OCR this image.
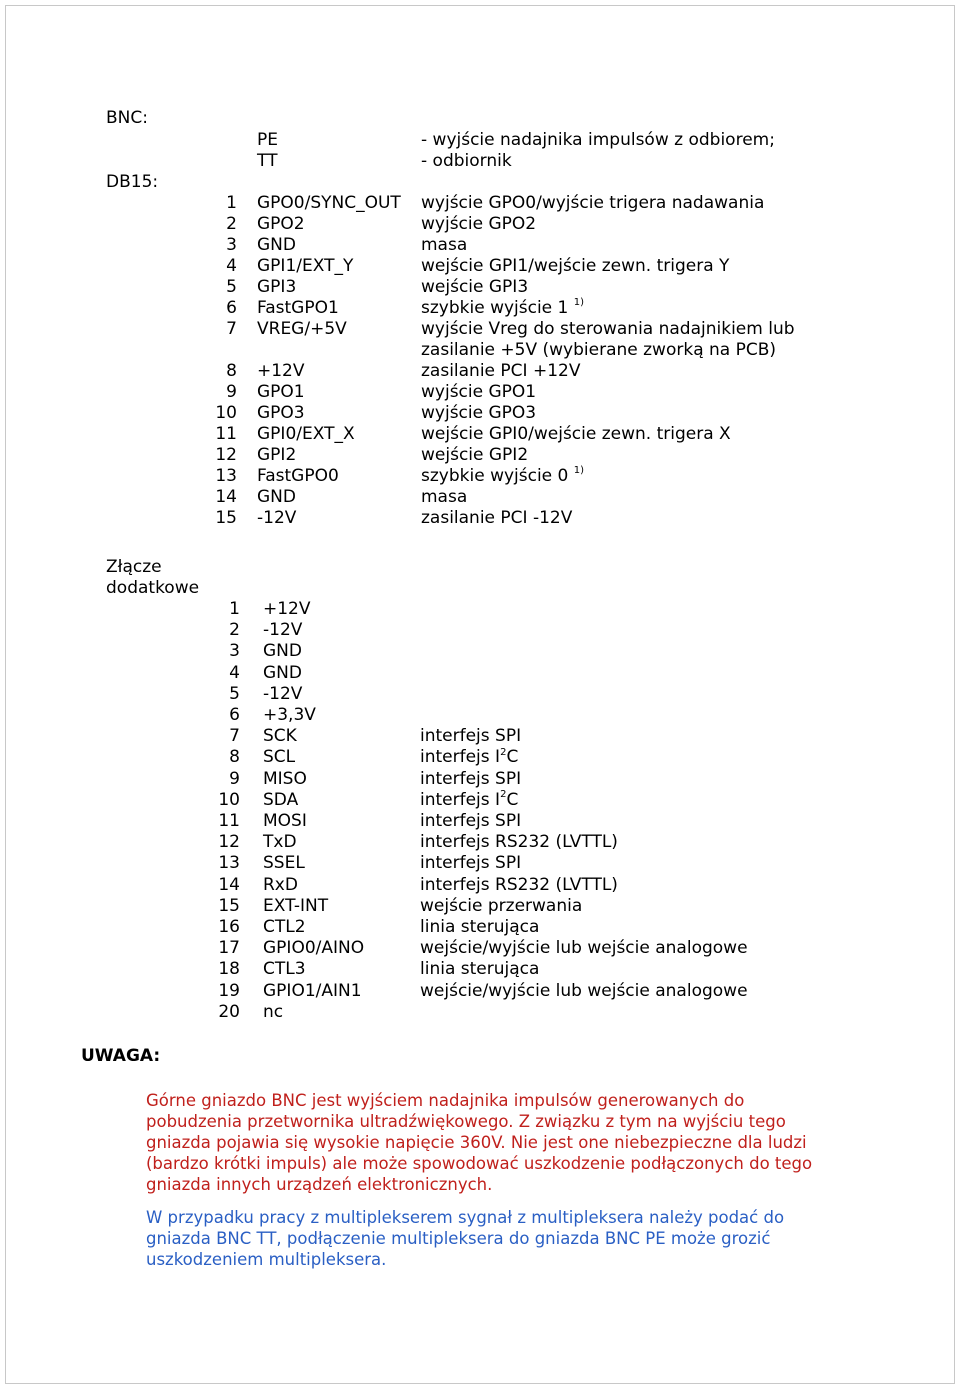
BNC:
PE	- wyjście nadajnika impulsów z odbiorem;
TT	- odbiornik
DB15:
1 GPO0/SYNC_OUT wyjście GPO0/wyjście trigera nadawania
2 GPO2	wyjście GPO2
3 GND	masa
4 GPI1/EXT_Y	wejście GPI1/wejście zewn. trigera Y
5 GPI3	wejście GPI3
6 FastGPO1	szybkie wyjście 1 $^{1)}$
7 VREG/+5V	wyjście Vreg do sterowania nadajnikiem lub
zasilanie +5V (wybierane zworką na PCB)
8 +12V	zasilanie PCI +12V
9 GPO1	wyjście GPO1
10 GPO3	wyjście GPO3
11 GPI0/EXT_X	wejście GPI0/wejście zewn. trigera X
12 GPI2	wejście GPI2
13 FastGPO0	szybkie wyjście 0 $^{1)}$
14 GND	masa
15 -12V	zasilanie PCI -12V
Złącze
dodatkowe
1 +12V
2 -12V
3 GND
4 GND
5 -12V
6 +3,3V
7 SCK	interfejs SPI
8 SCL	interfejs $I^2C$
9 MISO	interfejs SPI
10 SDA	interfejs $I^2C$
11 MOSI	interfejs SPI
12 TxD	interfejs RS232 (LVTTL)
13 SSEL	interfejs SPI
14 RxD	interfejs RS232 (LVTTL)
15 EXT-INT	wejście przerwania
16 CTL2	linia sterująca
17 GPIO0/AINO	wejście/wyjście lub wejście analogowe
18 CTL3	linia sterująca
19 GPIO1/AIN1	wejście/wyjście lub wejście analogowe
20 nc
UWAGA:
Górne gniazdo BNC jest wyjściem nadajnika impulsów generowanych do
pobudzenia przetwornika ultradźwiękowego. Z związku z tym na wyjściu tego
gniazda pojawia się wysokie napięcie 360V. Nie jest one niebezpieczne dla ludzi
(bardzo krótki impuls) ale może spowodować uszkodzenie podłączonych do tego
gniazda innych urządzeń elektronicznych.
W przypadku pracy z multiplekserem sygnał z multipleksera należy podać do
gniazda BNC TT, podłączenie multipleksera do gniazda BNC PE może grozić
uszkodzeniem multipleksera.
